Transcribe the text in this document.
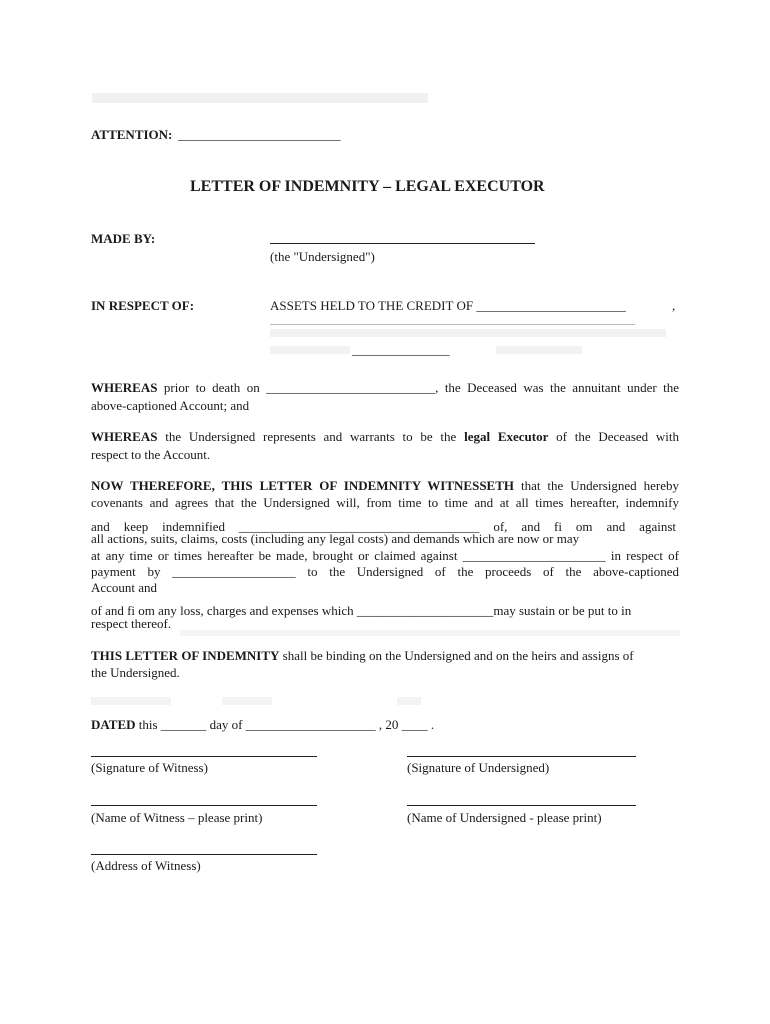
ATTENTION: _________________________
LETTER OF INDEMNITY – LEGAL EXECUTOR
MADE BY:
(the "Undersigned")
IN RESPECT OF:	ASSETS HELD TO THE CREDIT OF _______________________	,
_______________
WHEREAS prior to death on __________________________, the Deceased was the annuitant under the
above-captioned Account; and
WHEREAS the Undersigned represents and warrants to be the legal Executor of the Deceased with
respect to the Account.
NOW THEREFORE, THIS LETTER OF INDEMNITY WITNESSETH that the Undersigned hereby
covenants and agrees that the Undersigned will, from time to time and at all times hereafter, indemnify
and keep indemnified _____________________________________ of, and fi om and against
all actions, suits, claims, costs (including any legal costs) and demands which are now or may
at any time or times hereafter be made, brought or claimed against ______________________ in respect of
payment by ___________________ to the Undersigned of the proceeds of the above-captioned
Account and
of and fi om any loss, charges and expenses which _____________________may sustain or be put to in
respect thereof.
THIS LETTER OF INDEMNITY shall be binding on the Undersigned and on the heirs and assigns of
the Undersigned.
DATED this _______ day of ____________________ , 20 ____ .
(Signature of Witness)	(Signature of Undersigned)
(Name of Witness – please print)	(Name of Undersigned - please print)
(Address of Witness)
